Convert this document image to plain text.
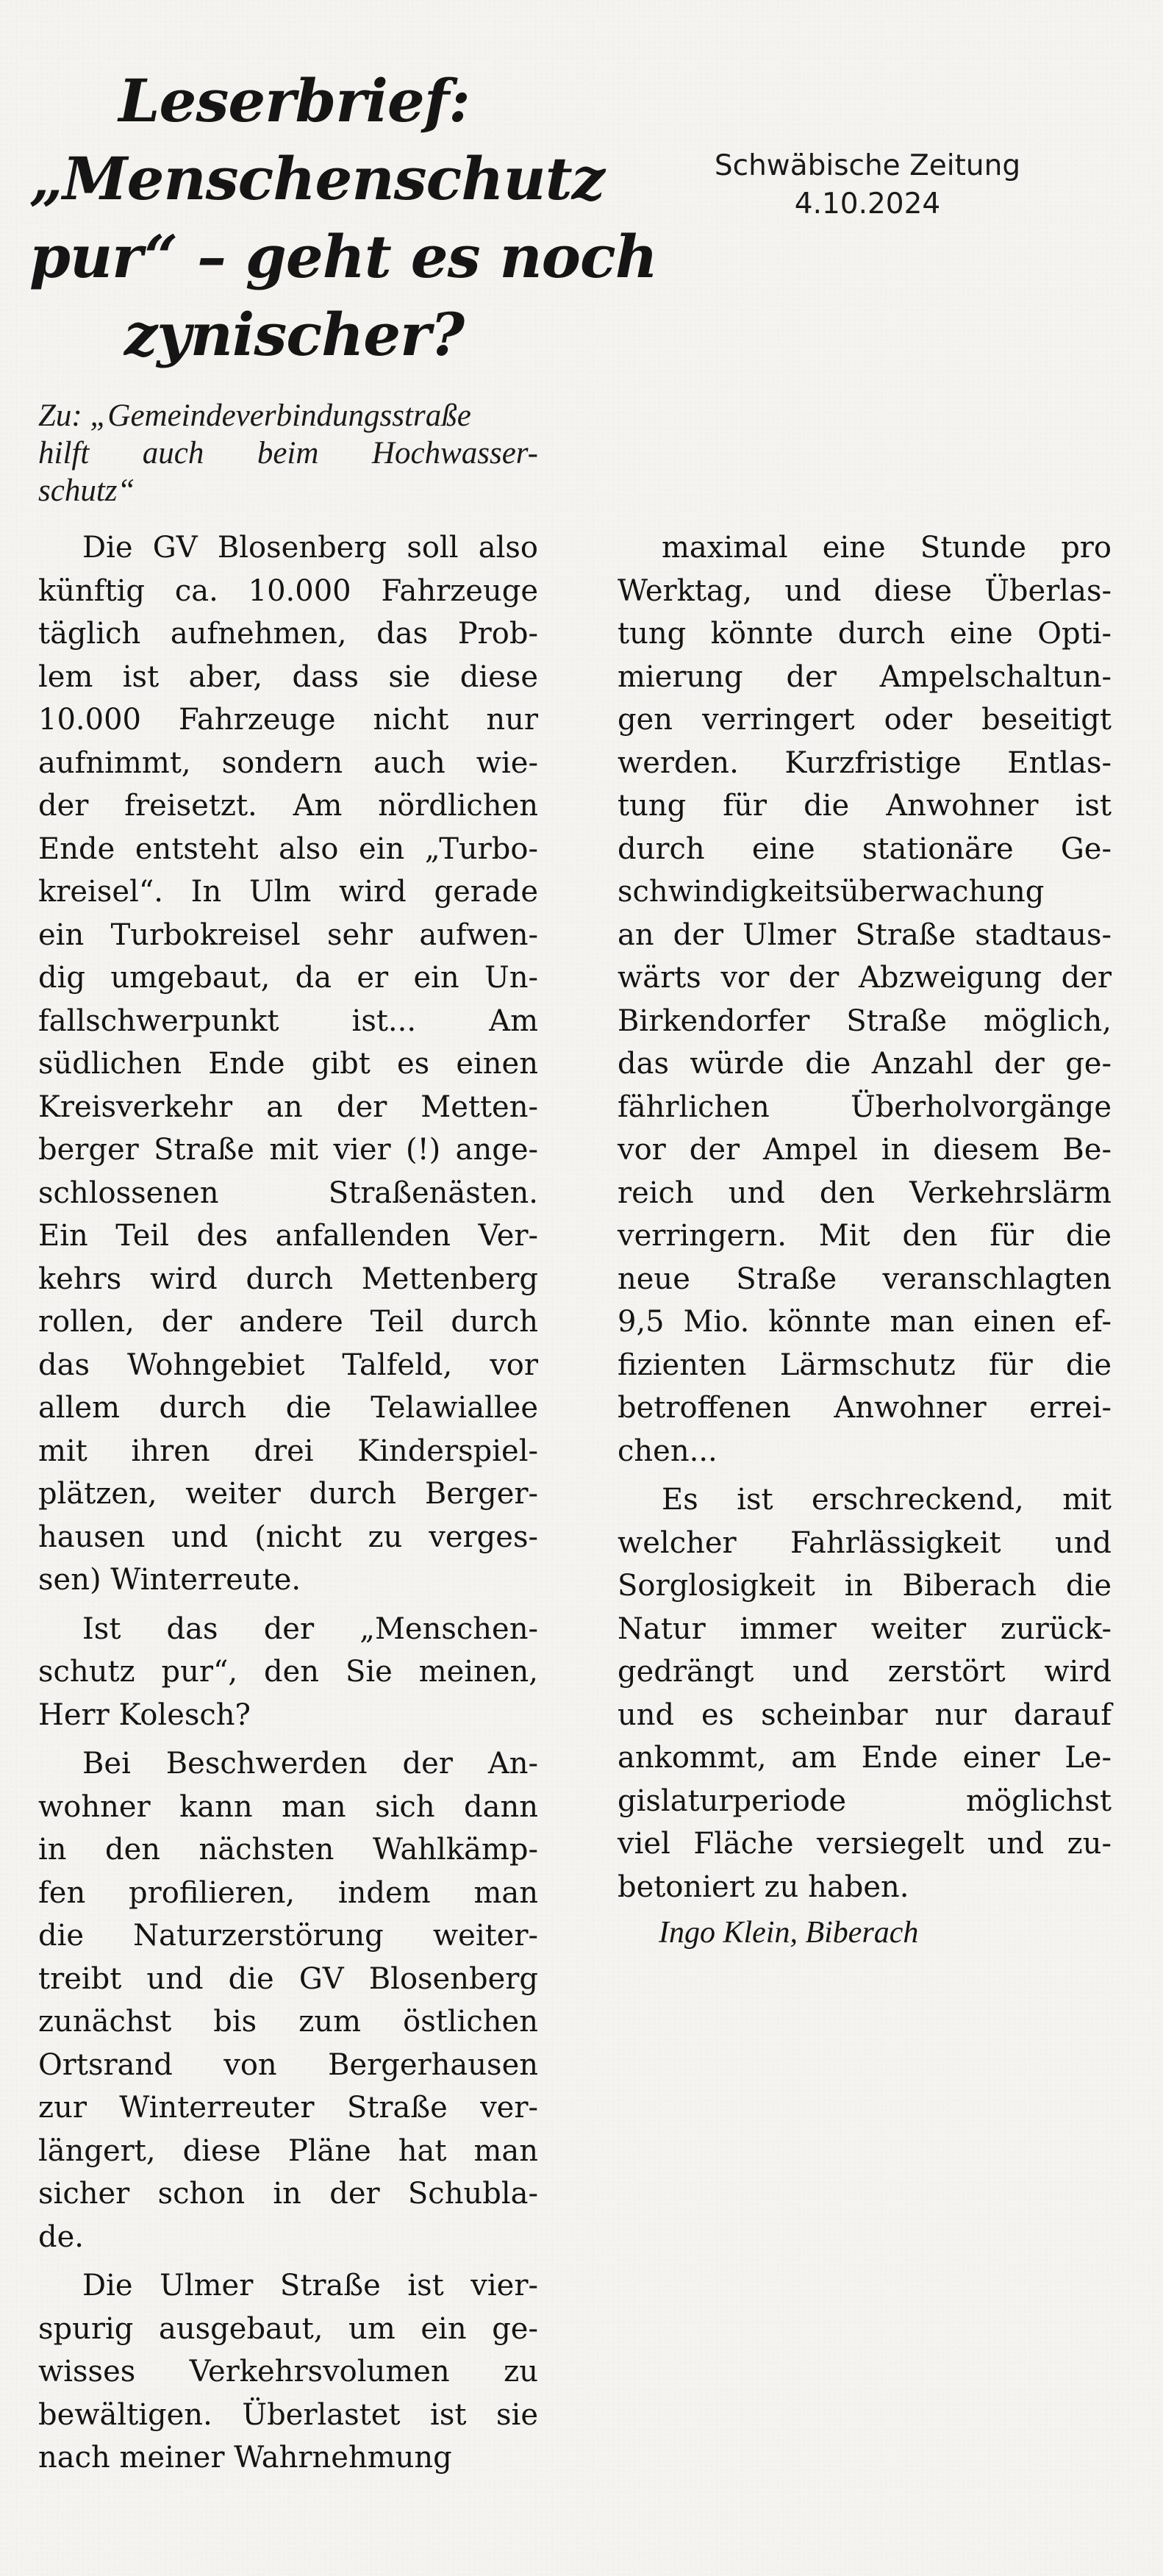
Leserbrief:
„Menschenschutz
pur“ – geht es noch
zynischer?
Schwäbische Zeitung
4.10.2024
Zu: „Gemeindeverbindungsstraße
hilft auch beim Hochwasser-
schutz“
Die GV Blosenberg soll also
künftig ca. 10.000 Fahrzeuge
täglich aufnehmen, das Prob-
lem ist aber, dass sie diese
10.000 Fahrzeuge nicht nur
aufnimmt, sondern auch wie-
der freisetzt. Am nördlichen
Ende entsteht also ein „Turbo-
kreisel“. In Ulm wird gerade
ein Turbokreisel sehr aufwen-
dig umgebaut, da er ein Un-
fallschwerpunkt ist... Am
südlichen Ende gibt es einen
Kreisverkehr an der Metten-
berger Straße mit vier (!) ange-
schlossenen Straßenästen.
Ein Teil des anfallenden Ver-
kehrs wird durch Mettenberg
rollen, der andere Teil durch
das Wohngebiet Talfeld, vor
allem durch die Telawiallee
mit ihren drei Kinderspiel-
plätzen, weiter durch Berger-
hausen und (nicht zu verges-
sen) Winterreute.
Ist das der „Menschen-
schutz pur“, den Sie meinen,
Herr Kolesch?
Bei Beschwerden der An-
wohner kann man sich dann
in den nächsten Wahlkämp-
fen profilieren, indem man
die Naturzerstörung weiter-
treibt und die GV Blosenberg
zunächst bis zum östlichen
Ortsrand von Bergerhausen
zur Winterreuter Straße ver-
längert, diese Pläne hat man
sicher schon in der Schubla-
de.
Die Ulmer Straße ist vier-
spurig ausgebaut, um ein ge-
wisses Verkehrsvolumen zu
bewältigen. Überlastet ist sie
nach meiner Wahrnehmung
maximal eine Stunde pro
Werktag, und diese Überlas-
tung könnte durch eine Opti-
mierung der Ampelschaltun-
gen verringert oder beseitigt
werden. Kurzfristige Entlas-
tung für die Anwohner ist
durch eine stationäre Ge-
schwindigkeitsüberwachung
an der Ulmer Straße stadtaus-
wärts vor der Abzweigung der
Birkendorfer Straße möglich,
das würde die Anzahl der ge-
fährlichen Überholvorgänge
vor der Ampel in diesem Be-
reich und den Verkehrslärm
verringern. Mit den für die
neue Straße veranschlagten
9,5 Mio. könnte man einen ef-
fizienten Lärmschutz für die
betroffenen Anwohner errei-
chen...
Es ist erschreckend, mit
welcher Fahrlässigkeit und
Sorglosigkeit in Biberach die
Natur immer weiter zurück-
gedrängt und zerstört wird
und es scheinbar nur darauf
ankommt, am Ende einer Le-
gislaturperiode möglichst
viel Fläche versiegelt und zu-
betoniert zu haben.
Ingo Klein, Biberach
